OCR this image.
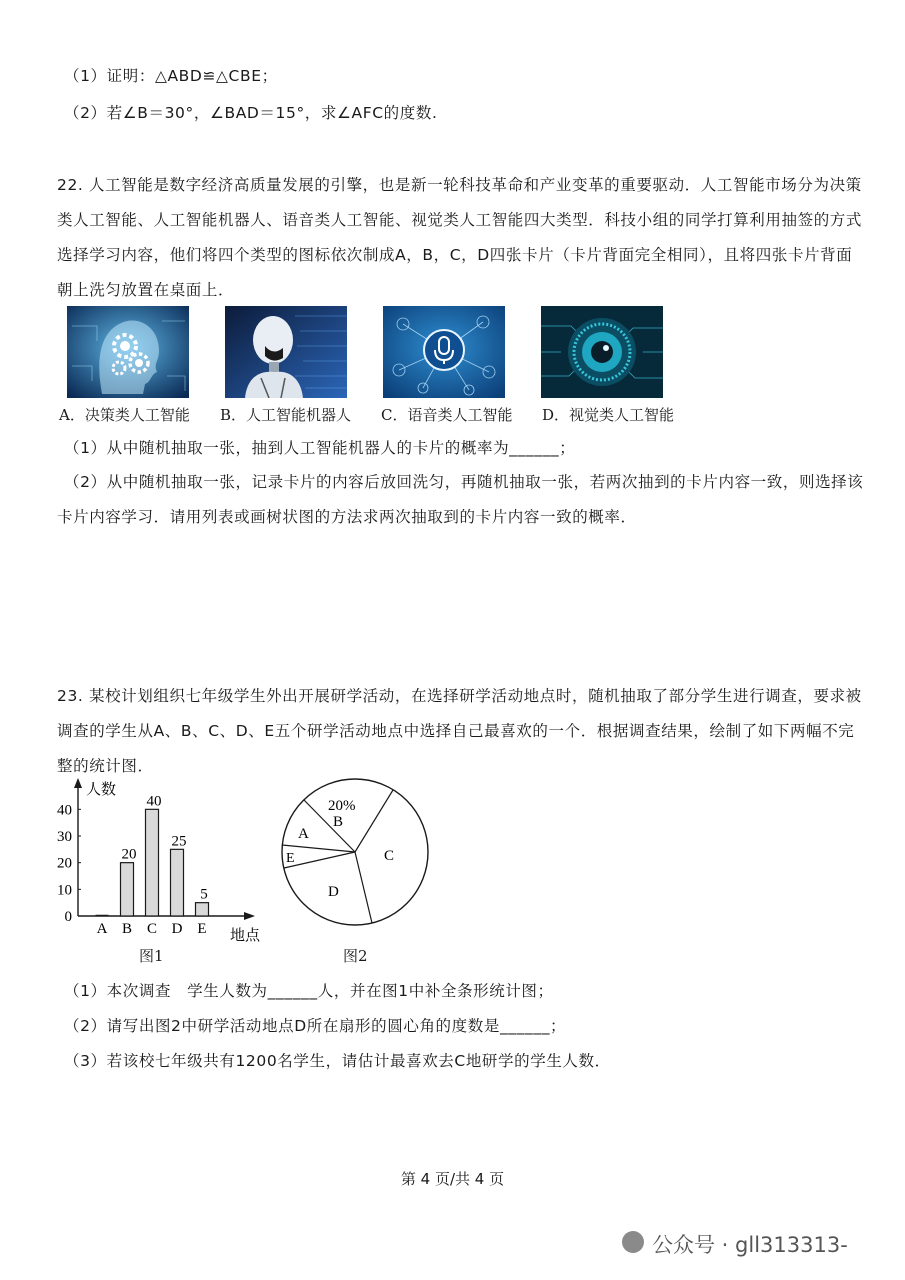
（1）证明：△ABD≌△CBE；
（2）若∠B＝30°，∠BAD＝15°，求∠AFC的度数.
22. 人工智能是数字经济高质量发展的引擎，也是新一轮科技革命和产业变革的重要驱动．人工智能市场分为决策
类人工智能、人工智能机器人、语音类人工智能、视觉类人工智能四大类型．科技小组的同学打算利用抽签的方式
选择学习内容，他们将四个类型的图标依次制成A，B，C，D四张卡片（卡片背面完全相同），且将四张卡片背面
朝上洗匀放置在桌面上．
A．决策类人工智能 B．人工智能机器人 C．语音类人工智能 D．视觉类人工智能
（1）从中随机抽取一张，抽到人工智能机器人的卡片的概率为______；
（2）从中随机抽取一张，记录卡片的内容后放回洗匀，再随机抽取一张，若两次抽到的卡片内容一致，则选择该
卡片内容学习．请用列表或画树状图的方法求两次抽取到的卡片内容一致的概率．
23. 某校计划组织七年级学生外出开展研学活动，在选择研学活动地点时，随机抽取了部分学生进行调查，要求被
调查的学生从A、B、C、D、E五个研学活动地点中选择自己最喜欢的一个．根据调查结果，绘制了如下两幅不完
整的统计图．
人数
地点
0
10
20
30
40
A B
20
C
40
D
25
E
5
20%
B
C
D
E
A
图1	图2
（1）本次调查　学生人数为______人，并在图1中补全条形统计图；
（2）请写出图2中研学活动地点D所在扇形的圆心角的度数是______；
（3）若该校七年级共有1200名学生，请估计最喜欢去C地研学的学生人数．
第 4 页/共 4 页
公众号 · gll313313-
